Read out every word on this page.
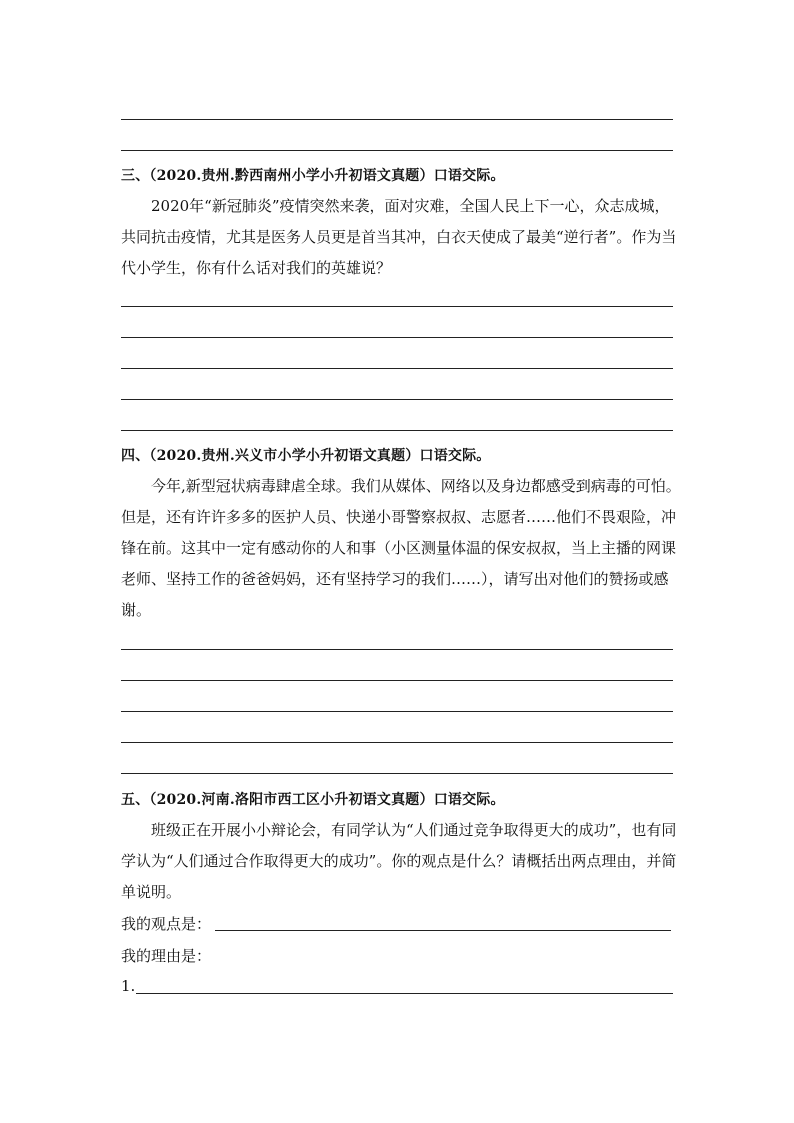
三、（2020.贵州.黔西南州小学小升初语文真题）口语交际。
2020年“新冠肺炎”疫情突然来袭，面对灾难，全国人民上下一心，众志成城，共同抗击疫情，尤其是医务人员更是首当其冲，白衣天使成了最美“逆行者”。作为当代小学生，你有什么话对我们的英雄说？
四、（2020.贵州.兴义市小学小升初语文真题）口语交际。
今年,新型冠状病毒肆虐全球。我们从媒体、网络以及身边都感受到病毒的可怕。但是，还有许许多多的医护人员、快递小哥警察叔叔、志愿者……他们不畏艰险，冲锋在前。这其中一定有感动你的人和事（小区测量体温的保安叔叔，当上主播的网课老师、坚持工作的爸爸妈妈，还有坚持学习的我们……），请写出对他们的赞扬或感谢。
五、（2020.河南.洛阳市西工区小升初语文真题）口语交际。
班级正在开展小小辩论会，有同学认为“人们通过竞争取得更大的成功”，也有同学认为“人们通过合作取得更大的成功”。你的观点是什么？请概括出两点理由，并简单说明。
我的观点是：
我的理由是：
1.
